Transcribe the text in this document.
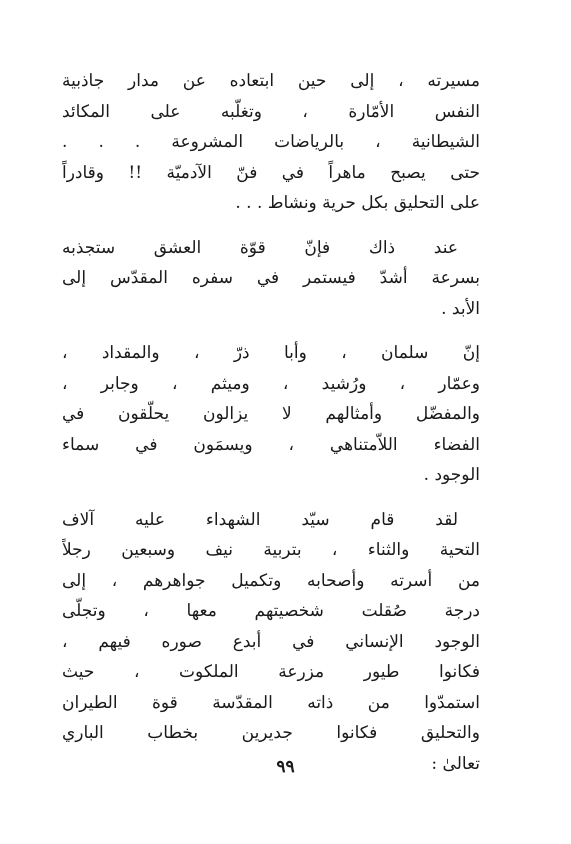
مسيرته ، إلى حين ابتعاده عن مدار جاذبية
النفس الأمّارة ، وتغلّبه على المكائد
الشيطانية ، بالرياضات المشروعة . . .
حتى يصبح ماهراً في فنّ الآدميّة !! وقادراً
على التحليق بكل حرية ونشاط . . .
عند ذاك فإنّ قوّة العشق ستجذبه
بسرعة أشدّ فيستمر في سفره المقدّس إلى
الأبد .
إنّ سلمان ، وأبا ذرّ ، والمقداد ،
وعمّار ، ورُشيد ، وميثم ، وجابر ،
والمفضّل وأمثالهم لا يزالون يحلّقون في
الفضاء اللاّمتناهي ، ويسمَون في سماء
الوجود .
لقد قام سيّد الشهداء عليه آلاف
التحية والثناء ، بتربية نيف وسبعين رجلاً
من أسرته وأصحابه وتكميل جواهرهم ، إلى
درجة صُقلت شخصيتهم معها ، وتجلّى
الوجود الإنساني في أبدع صوره فيهم ،
فكانوا طيور مزرعة الملكوت ، حيث
استمدّوا من ذاته المقدّسة قوة الطيران
والتحليق فكانوا جديرين بخطاب الباري
تعالىٰ :
٩٩
